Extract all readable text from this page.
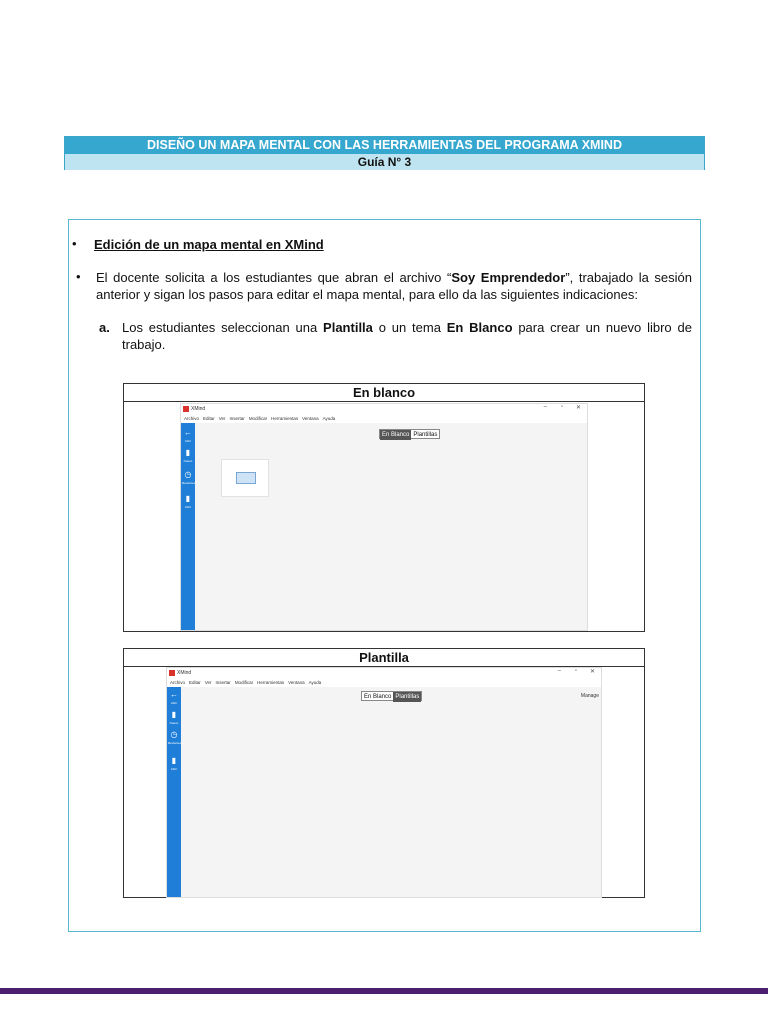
DISEÑO UN MAPA MENTAL CON LAS HERRAMIENTAS DEL PROGRAMA XMIND
Guía N° 3
• Edición de un mapa mental en XMind
• El docente solicita a los estudiantes que abran el archivo “Soy Emprendedor”, trabajado la sesión
anterior y sigan los pasos para editar el mapa mental, para ello da las siguientes indicaciones:
a. Los estudiantes seleccionan una Plantilla o un tema En Blanco para crear un nuevo libro de
trabajo.
En blanco
XMind	– ▫ ✕
Archivo Editar Ver Insertar Modificar Herramientas Ventana Ayuda
←
Abrir
▮
Nuevo
◷
Recientes
▮
Abrir
En Blanco Plantillas
Plantilla
XMind	– ▫ ✕
Archivo Editar Ver Insertar Modificar Herramientas Ventana Ayuda
←
Abrir
▮
Nuevo
◷
Recientes
▮
Abrir
En Blanco Plantillas	Manage
